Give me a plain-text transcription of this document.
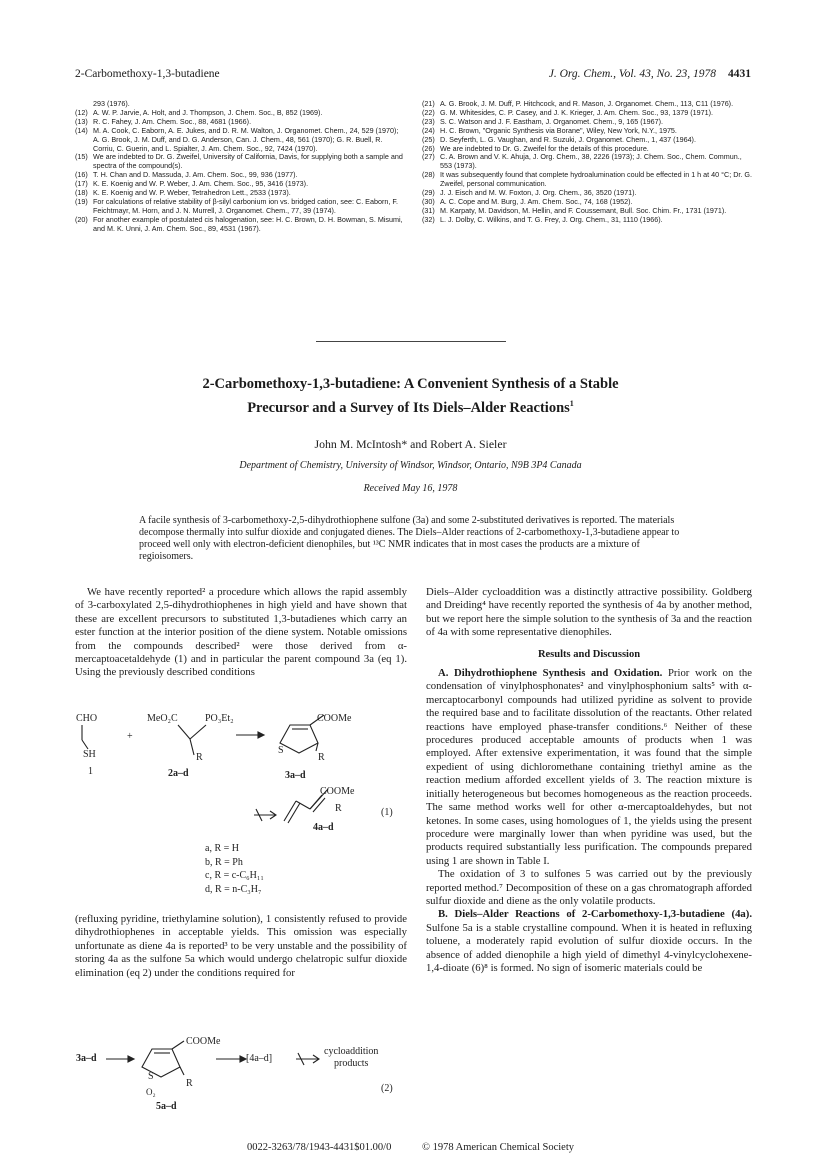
2-Carbomethoxy-1,3-butadiene	J. Org. Chem., Vol. 43, No. 23, 1978 4431
293 (1976).
(12) A. W. P. Jarvie, A. Holt, and J. Thompson, J. Chem. Soc., B, 852 (1969).
(13) R. C. Fahey, J. Am. Chem. Soc., 88, 4681 (1966).
(14) M. A. Cook, C. Eaborn, A. E. Jukes, and D. R. M. Walton, J. Organomet. Chem., 24, 529 (1970); A. G. Brook, J. M. Duff, and D. G. Anderson, Can. J. Chem., 48, 561 (1970); G. R. Buell, R. Corriu, C. Guerin, and L. Spialter, J. Am. Chem. Soc., 92, 7424 (1970).
(15) We are indebted to Dr. G. Zweifel, University of California, Davis, for supplying both a sample and spectra of the compound(s).
(16) T. H. Chan and D. Massuda, J. Am. Chem. Soc., 99, 936 (1977).
(17) K. E. Koenig and W. P. Weber, J. Am. Chem. Soc., 95, 3416 (1973).
(18) K. E. Koenig and W. P. Weber, Tetrahedron Lett., 2533 (1973).
(19) For calculations of relative stability of β-silyl carbonium ion vs. bridged cation, see: C. Eaborn, F. Feichtmayr, M. Horn, and J. N. Murrell, J. Organomet. Chem., 77, 39 (1974).
(20) For another example of postulated cis halogenation, see: H. C. Brown, D. H. Bowman, S. Misumi, and M. K. Unni, J. Am. Chem. Soc., 89, 4531 (1967).
(21) A. G. Brook, J. M. Duff, P. Hitchcock, and R. Mason, J. Organomet. Chem., 113, C11 (1976).
(22) G. M. Whitesides, C. P. Casey, and J. K. Krieger, J. Am. Chem. Soc., 93, 1379 (1971).
(23) S. C. Watson and J. F. Eastham, J. Organomet. Chem., 9, 165 (1967).
(24) H. C. Brown, "Organic Synthesis via Borane", Wiley, New York, N.Y., 1975.
(25) D. Seyferth, L. G. Vaughan, and R. Suzuki, J. Organomet. Chem., 1, 437 (1964).
(26) We are indebted to Dr. G. Zweifel for the details of this procedure.
(27) C. A. Brown and V. K. Ahuja, J. Org. Chem., 38, 2226 (1973); J. Chem. Soc., Chem. Commun., 553 (1973).
(28) It was subsequently found that complete hydroalumination could be effected in 1 h at 40 °C; Dr. G. Zweifel, personal communication.
(29) J. J. Eisch and M. W. Foxton, J. Org. Chem., 36, 3520 (1971).
(30) A. C. Cope and M. Burg, J. Am. Chem. Soc., 74, 168 (1952).
(31) M. Karpaty, M. Davidson, M. Hellin, and F. Coussemant, Bull. Soc. Chim. Fr., 1731 (1971).
(32) L. J. Dolby, C. Wilkins, and T. G. Frey, J. Org. Chem., 31, 1110 (1966).
2-Carbomethoxy-1,3-butadiene: A Convenient Synthesis of a Stable
Precursor and a Survey of Its Diels–Alder Reactions$^1$
John M. McIntosh* and Robert A. Sieler
Department of Chemistry, University of Windsor, Windsor, Ontario, N9B 3P4 Canada
Received May 16, 1978
A facile synthesis of 3-carbomethoxy-2,5-dihydrothiophene sulfone (3a) and some 2-substituted derivatives is reported. The materials decompose thermally into sulfur dioxide and conjugated dienes. The Diels–Alder reactions of 2-carbomethoxy-1,3-butadiene appear to proceed well only with electron-deficient dienophiles, but ¹³C NMR indicates that in most cases the products are a mixture of regioisomers.

We have recently reported² a procedure which allows the rapid assembly of 3-carboxylated 2,5-dihydrothiophenes in high yield and have shown that these are excellent precursors to substituted 1,3-butadienes which carry an ester function at the interior position of the diene system. Notable omissions from the compounds described² were those derived from α-mercaptoacetaldehyde (1) and in particular the parent compound 3a (eq 1). Using the previously described conditions

CHO
SH
1
+
MeO₂C	PO₃Et₂
R
2a–d
COOMe
S
R
3a–d
COOMe
R	(1)
4a–d
a, R = H
b, R = Ph
c, R = c-C₆H₁₁
d, R = n-C₃H₇

(refluxing pyridine, triethylamine solution), 1 consistently refused to provide dihydrothiophenes in acceptable yields. This omission was especially unfortunate as diene 4a is reported³ to be very unstable and the possibility of storing 4a as the sulfone 5a which would undergo chelatropic sulfur dioxide elimination (eq 2) under the conditions required for

3a–d
COOMe
S
O₂
R
5a–d
[4a–d]
cycloaddition
products
(2)

Diels–Alder cycloaddition was a distinctly attractive possibility. Goldberg and Dreiding⁴ have recently reported the synthesis of 4a by another method, but we report here the simple solution to the synthesis of 3a and the reaction of 4a with some representative dienophiles.

Results and Discussion

A. Dihydrothiophene Synthesis and Oxidation. Prior work on the condensation of vinylphosphonates² and vinylphosphonium salts⁵ with α-mercaptocarbonyl compounds had utilized pyridine as solvent to provide the required base and to facilitate dissolution of the reactants. Other related reactions have employed phase-transfer conditions.⁶ Neither of these procedures produced acceptable amounts of products when 1 was employed. After extensive experimentation, it was found that the simple expedient of using dichloromethane containing triethyl amine as the reaction medium afforded excellent yields of 3. The reaction mixture is initially heterogeneous but becomes homogeneous as the reaction proceeds. The same method works well for other α-mercaptoaldehydes, but not ketones. In some cases, using homologues of 1, the yields using the present procedure were marginally lower than when pyridine was used, but the products required substantially less purification. The compounds prepared using 1 are shown in Table I.

The oxidation of 3 to sulfones 5 was carried out by the previously reported method.⁷ Decomposition of these on a gas chromatograph afforded sulfur dioxide and diene as the only volatile products.

B. Diels–Alder Reactions of 2-Carbomethoxy-1,3-butadiene (4a). Sulfone 5a is a stable crystalline compound. When it is heated in refluxing toluene, a moderately rapid evolution of sulfur dioxide occurs. In the absence of added dienophile a high yield of dimethyl 4-vinylcyclohexene-1,4-dioate (6)⁸ is formed. No sign of isomeric materials could be

0022-3263/78/1943-4431$01.00/0	© 1978 American Chemical Society
